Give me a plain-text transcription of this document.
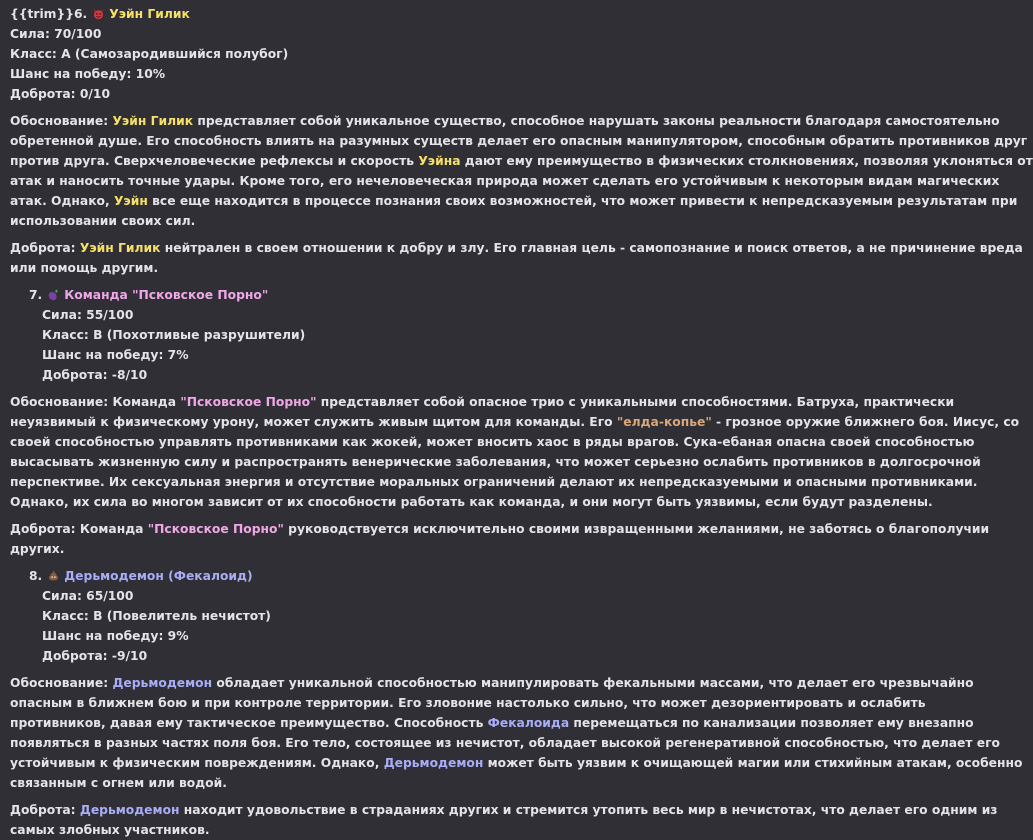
{{trim}}6. Уэйн Гилик
Сила: 70/100
Класс: A (Самозародившийся полубог)
Шанс на победу: 10%
Доброта: 0/10
Обоснование: Уэйн Гилик представляет собой уникальное существо, способное нарушать законы реальности благодаря самостоятельно
обретенной душе. Его способность влиять на разумных существ делает его опасным манипулятором, способным обратить противников друг
против друга. Сверхчеловеческие рефлексы и скорость Уэйна дают ему преимущество в физических столкновениях, позволяя уклоняться от
атак и наносить точные удары. Кроме того, его нечеловеческая природа может сделать его устойчивым к некоторым видам магических
атак. Однако, Уэйн все еще находится в процессе познания своих возможностей, что может привести к непредсказуемым результатам при
использовании своих сил.
Доброта: Уэйн Гилик нейтрален в своем отношении к добру и злу. Его главная цель - самопознание и поиск ответов, а не причинение вреда
или помощь другим.
7. Команда "Псковское Порно"
Сила: 55/100
Класс: B (Похотливые разрушители)
Шанс на победу: 7%
Доброта: -8/10
Обоснование: Команда "Псковское Порно" представляет собой опасное трио с уникальными способностями. Батруха, практически
неуязвимый к физическому урону, может служить живым щитом для команды. Его "елда-копье" - грозное оружие ближнего боя. Иисус, со
своей способностью управлять противниками как жокей, может вносить хаос в ряды врагов. Сука-ебаная опасна своей способностью
высасывать жизненную силу и распространять венерические заболевания, что может серьезно ослабить противников в долгосрочной
перспективе. Их сексуальная энергия и отсутствие моральных ограничений делают их непредсказуемыми и опасными противниками.
Однако, их сила во многом зависит от их способности работать как команда, и они могут быть уязвимы, если будут разделены.
Доброта: Команда "Псковское Порно" руководствуется исключительно своими извращенными желаниями, не заботясь о благополучии
других.
8. Дерьмодемон (Фекалоид)
Сила: 65/100
Класс: B (Повелитель нечистот)
Шанс на победу: 9%
Доброта: -9/10
Обоснование: Дерьмодемон обладает уникальной способностью манипулировать фекальными массами, что делает его чрезвычайно
опасным в ближнем бою и при контроле территории. Его зловоние настолько сильно, что может дезориентировать и ослабить
противников, давая ему тактическое преимущество. Способность Фекалоида перемещаться по канализации позволяет ему внезапно
появляться в разных частях поля боя. Его тело, состоящее из нечистот, обладает высокой регенеративной способностью, что делает его
устойчивым к физическим повреждениям. Однако, Дерьмодемон может быть уязвим к очищающей магии или стихийным атакам, особенно
связанным с огнем или водой.
Доброта: Дерьмодемон находит удовольствие в страданиях других и стремится утопить весь мир в нечистотах, что делает его одним из
самых злобных участников.
